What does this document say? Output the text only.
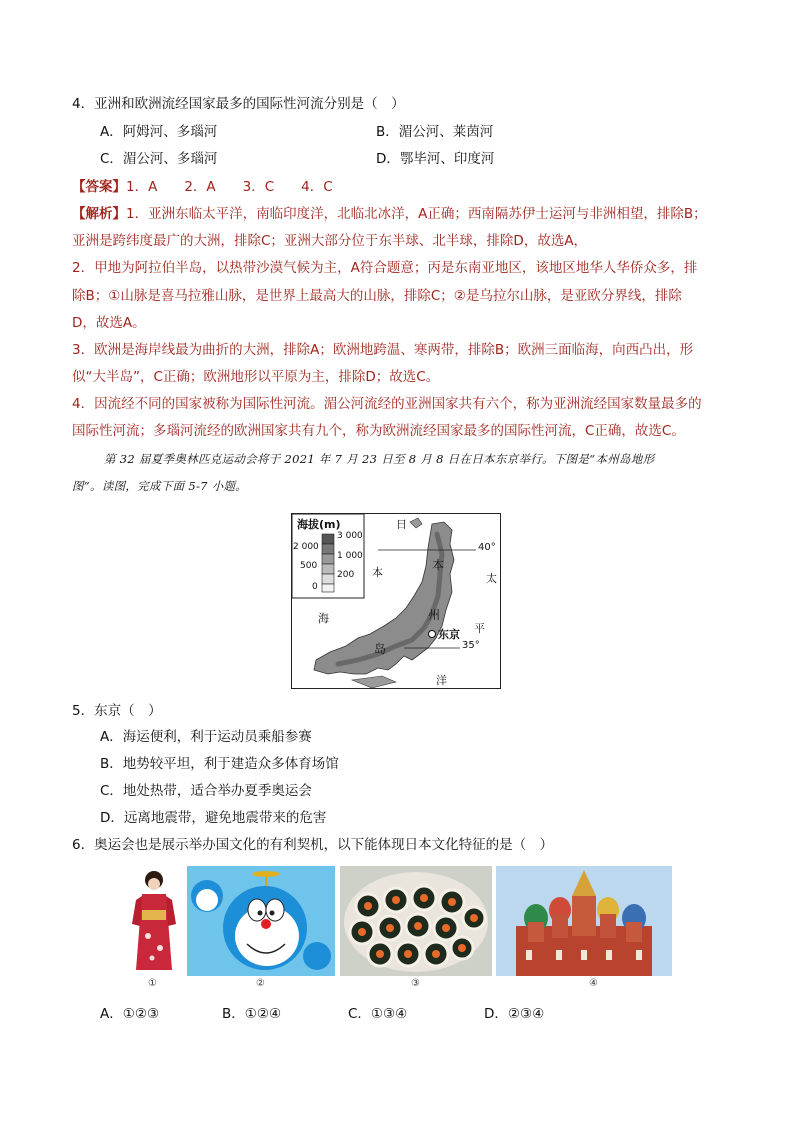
4．亚洲和欧洲流经国家最多的国际性河流分别是（　）
A．阿姆河、多瑙河	B．湄公河、莱茵河
C．湄公河、多瑙河	D．鄂毕河、印度河
【答案】1．A　　2．A　　3．C　　4．C
【解析】1．亚洲东临太平洋，南临印度洋，北临北冰洋，A正确；西南隔苏伊士运河与非洲相望，排除B；
亚洲是跨纬度最广的大洲，排除C；亚洲大部分位于东半球、北半球，排除D，故选A，
2．甲地为阿拉伯半岛，以热带沙漠气候为主，A符合题意；丙是东南亚地区，该地区地华人华侨众多，排
除B；①山脉是喜马拉雅山脉，是世界上最高大的山脉，排除C；②是乌拉尔山脉，是亚欧分界线，排除
D，故选A。
3．欧洲是海岸线最为曲折的大洲，排除A；欧洲地跨温、寒两带，排除B；欧洲三面临海，向西凸出，形
似“大半岛”，C正确；欧洲地形以平原为主，排除D；故选C。
4．因流经不同的国家被称为国际性河流。湄公河流经的亚洲国家共有六个，称为亚洲流经国家数量最多的
国际性河流；多瑙河流经的欧洲国家共有九个，称为欧洲流经国家最多的国际性河流，C正确，故选C。
第 32 届夏季奥林匹克运动会将于 2021 年 7 月 23 日至 8 月 8 日在日本东京举行。下图是“本州岛地形
图”。读图，完成下面 5-7 小题。
海拔(m)
3 000
1 000
200
2 000
500
0
日
本
海
太
平
洋
本
州
岛
东京
40°
35°
5．东京（　）
A．海运便利，利于运动员乘船参赛
B．地势较平坦，利于建造众多体育场馆
C．地处热带，适合举办夏季奥运会
D．远离地震带，避免地震带来的危害
6．奥运会也是展示举办国文化的有利契机，以下能体现日本文化特征的是（　）
①	②	③	④
A．①②③	B．①②④	C．①③④	D．②③④
